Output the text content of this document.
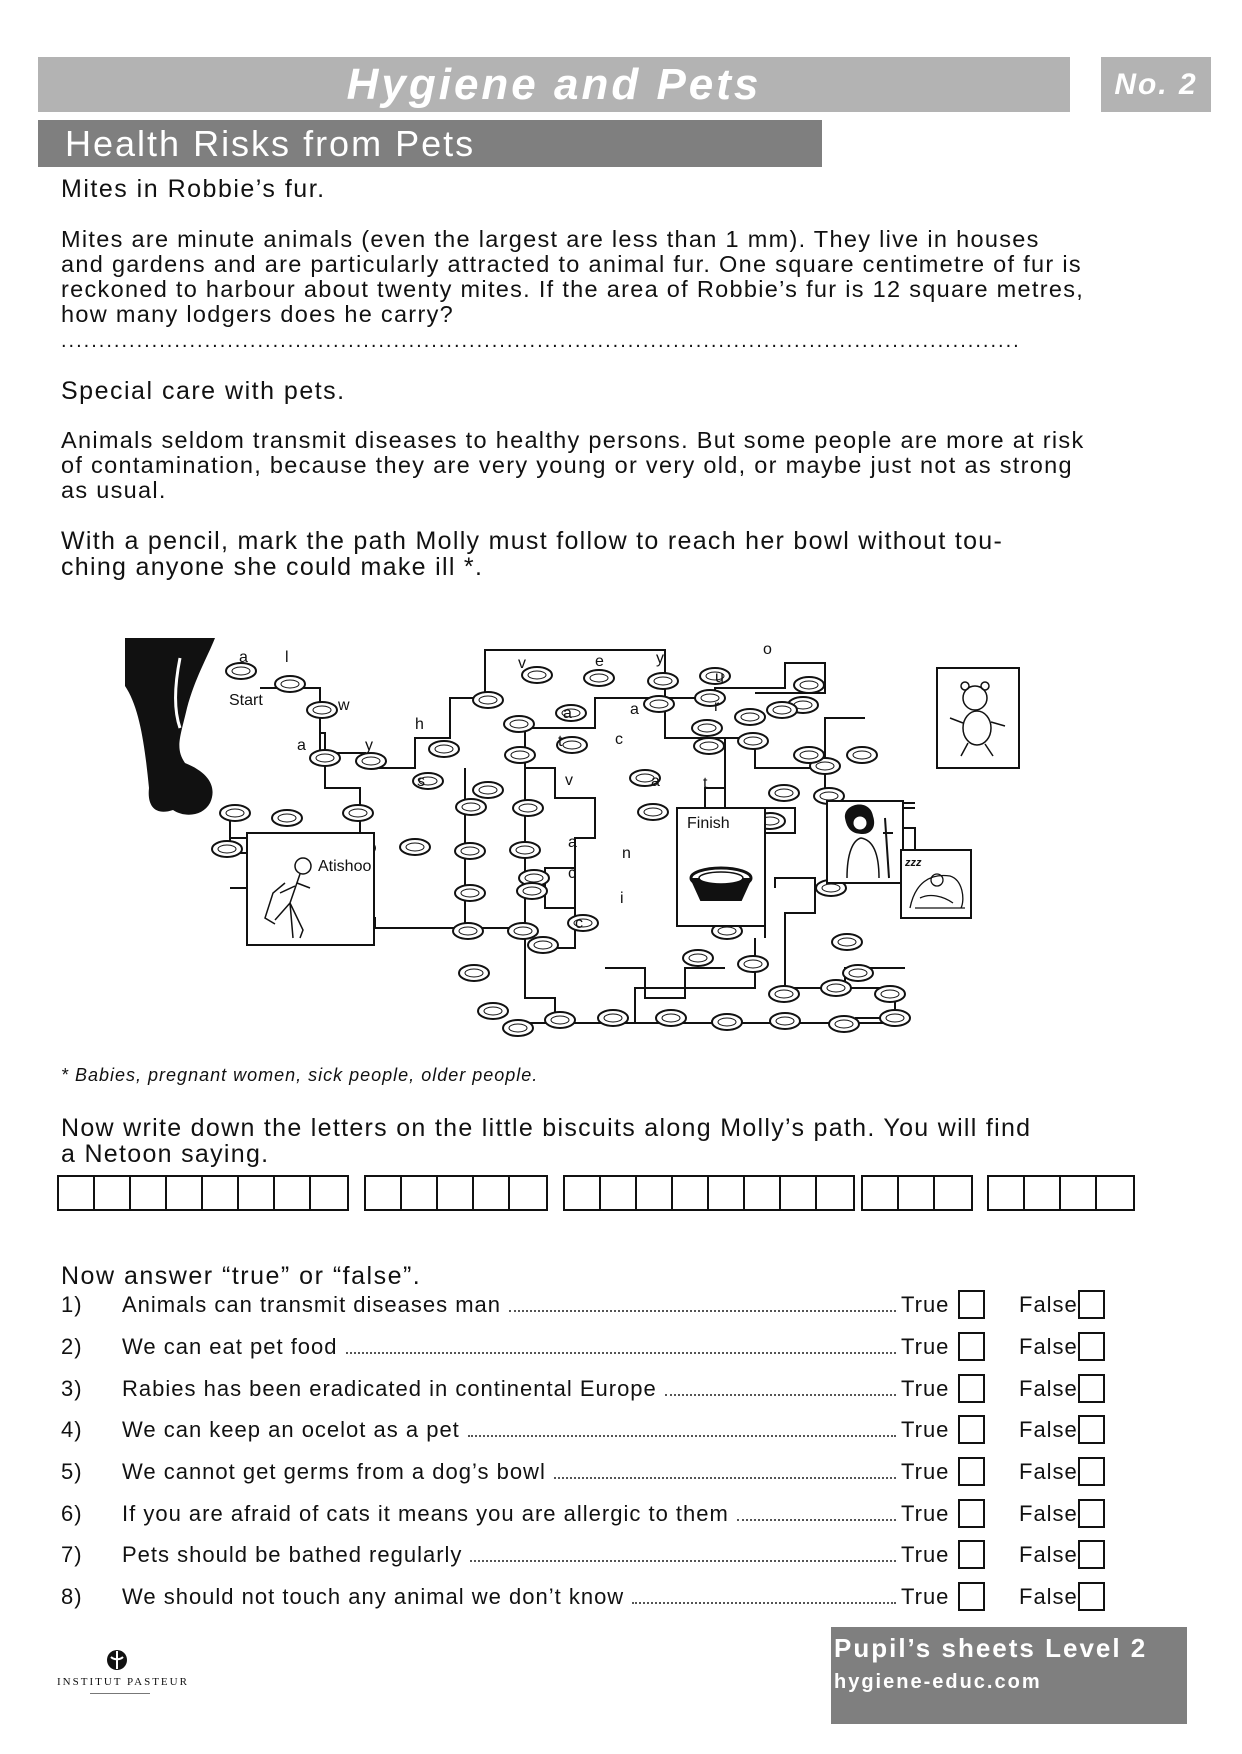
Hygiene and Pets	No. 2
Health Risks from Pets
Mites in Robbie’s fur.
Mites are minute animals (even the largest are less than 1 mm). They live in houses
and gardens and are particularly attracted to animal fur. One square centimetre of fur is
reckoned to harbour about twenty mites. If the area of Robbie’s fur is 12 square metres,
how many lodgers does he carry?
...............................................................................................................................
Special care with pets.
Animals seldom transmit diseases to healthy persons. But some people are more at risk
of contamination, because they are very young or very old, or maybe just not as strong
as usual.
With a pencil, mark the path Molly must follow to reach her bowl without tou-
ching anyone she could make ill *.
a l
w
a	y
s
h
v	e	y
o
u
a	a	r
t	c
v	a	t
a
n
c
i
c
Start
Finish
zzz
Atishoo
* Babies, pregnant women, sick people, older people.
Now write down the letters on the little biscuits along Molly’s path. You will find
a Netoon saying.
Now answer “true” or “false”.
1) Animals can transmit diseases man	True	False
2) We can eat pet food	True	False
3) Rabies has been eradicated in continental Europe	True	False
4) We can keep an ocelot as a pet	True	False
5) We cannot get germs from a dog’s bowl	True	False
6) If you are afraid of cats it means you are allergic to them	True	False
7) Pets should be bathed regularly	True	False
8) We should not touch any animal we don’t know	True	False
INSTITUT PASTEUR
Pupil’s sheets Level 2
hygiene-educ.com
